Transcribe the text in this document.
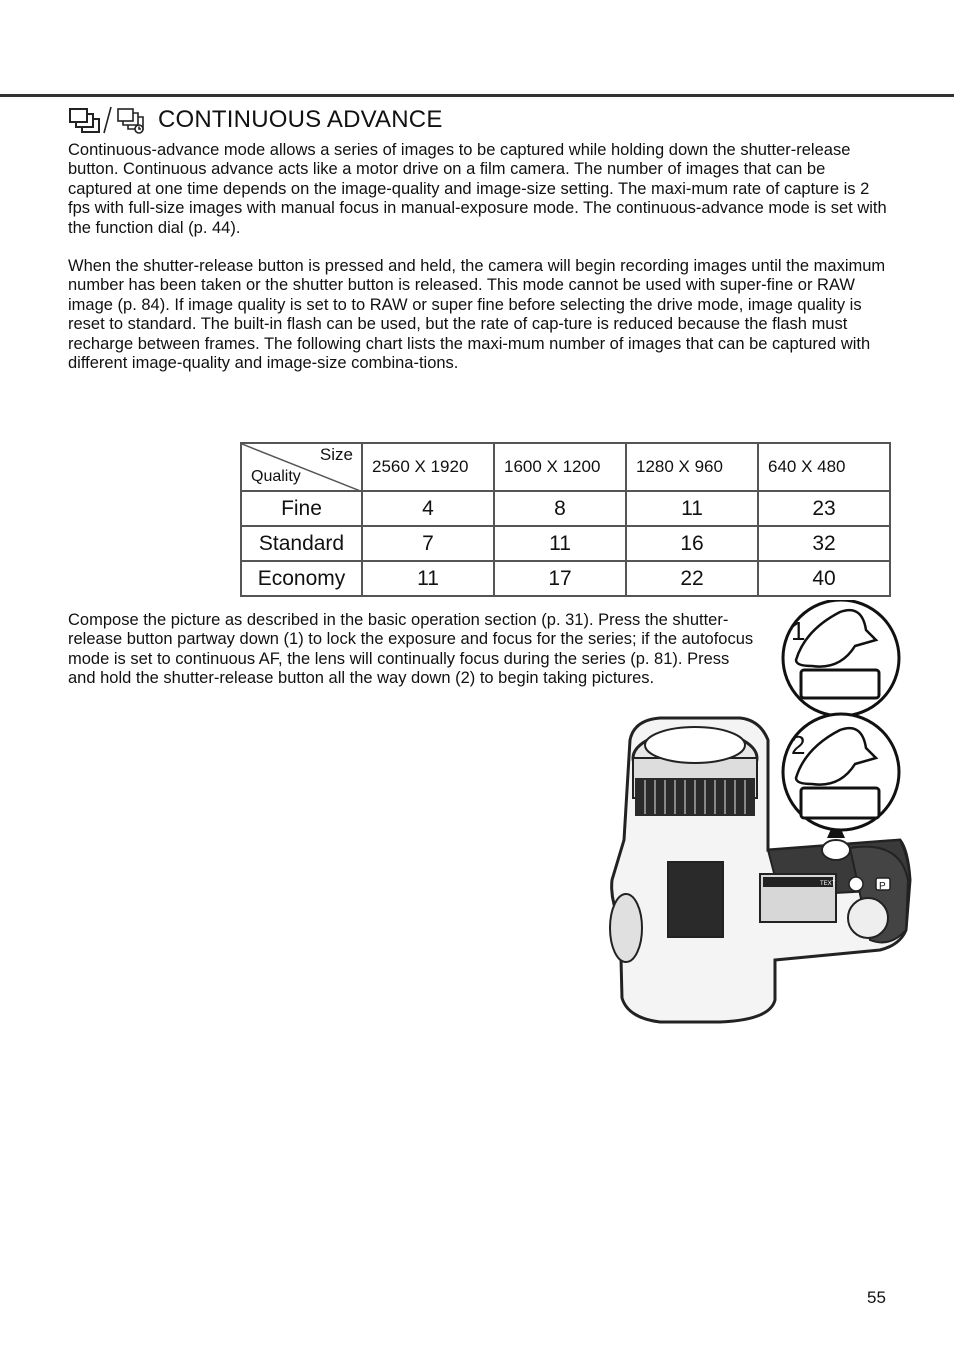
CONTINUOUS ADVANCE

Continuous-advance mode allows a series of images to be captured while holding down the shutter-release button. Continuous advance acts like a motor drive on a film camera. The number of images that can be captured at one time depends on the image-quality and image-size setting. The maxi-mum rate of capture is 2 fps with full-size images with manual focus in manual-exposure mode. The continuous-advance mode is set with the function dial (p. 44).

When the shutter-release button is pressed and held, the camera will begin recording images until the maximum number has been taken or the shutter button is released. This mode cannot be used with super-fine or RAW image (p. 84). If image quality is set to to RAW or super fine before selecting the drive mode, image quality is reset to standard. The built-in flash can be used, but the rate of cap-ture is reduced because the flash must recharge between frames. The following chart lists the maxi-mum number of images that can be captured with different image-quality and image-size combina-tions.

Size
Quality	2560 X 1920	1600 X 1200	1280 X 960	640 X 480
Fine	4	8	11	23
Standard	7	11	16	32
Economy	11	17	22	40

Compose the picture as described in the basic operation section (p. 31). Press the shutter-release button partway down (1) to lock the exposure and focus for the series; if the autofocus mode is set to continuous AF, the lens will continually focus during the series (p. 81). Press and hold the shutter-release button all the way down (2) to begin taking pictures.

TEXT	P
1
2
55
